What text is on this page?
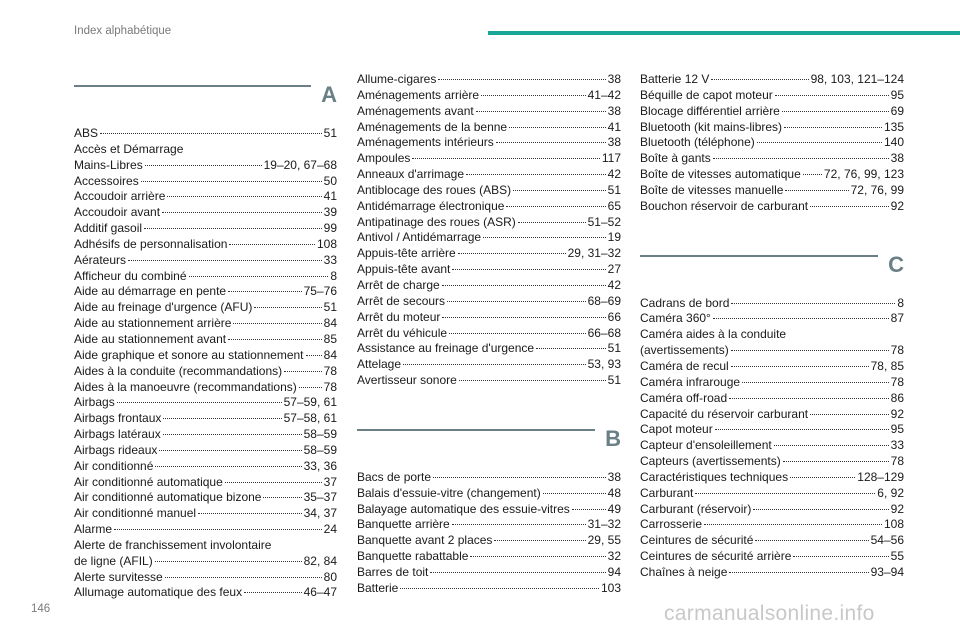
Index alphabétique
A
ABS	51
Accès et Démarrage
Mains-Libres	19–20, 67–68
Accessoires	50
Accoudoir arrière	41
Accoudoir avant	39
Additif gasoil	99
Adhésifs de personnalisation	108
Aérateurs	33
Afficheur du combiné	8
Aide au démarrage en pente	75–76
Aide au freinage d'urgence (AFU)	51
Aide au stationnement arrière	84
Aide au stationnement avant	85
Aide graphique et sonore au stationnement 84
Aides à la conduite (recommandations)	78
Aides à la manoeuvre (recommandations) 78
Airbags	57–59, 61
Airbags frontaux	57–58, 61
Airbags latéraux	58–59
Airbags rideaux	58–59
Air conditionné	33, 36
Air conditionné automatique	37
Air conditionné automatique bizone	35–37
Air conditionné manuel	34, 37
Alarme	24
Alerte de franchissement involontaire
de ligne (AFIL)	82, 84
Alerte survitesse	80
Allumage automatique des feux	46–47
Allume-cigares	38
Aménagements arrière	41–42
Aménagements avant	38
Aménagements de la benne	41
Aménagements intérieurs	38
Ampoules	117
Anneaux d'arrimage	42
Antiblocage des roues (ABS)	51
Antidémarrage électronique	65
Antipatinage des roues (ASR)	51–52
Antivol / Antidémarrage	19
Appuis-tête arrière	29, 31–32
Appuis-tête avant	27
Arrêt de charge	42
Arrêt de secours	68–69
Arrêt du moteur	66
Arrêt du véhicule	66–68
Assistance au freinage d'urgence	51
Attelage	53, 93
Avertisseur sonore	51
B
Bacs de porte	38
Balais d'essuie-vitre (changement)	48
Balayage automatique des essuie-vitres	49
Banquette arrière	31–32
Banquette avant 2 places	29, 55
Banquette rabattable	32
Barres de toit	94
Batterie	103
Batterie 12 V	98, 103, 121–124
Béquille de capot moteur	95
Blocage différentiel arrière	69
Bluetooth (kit mains-libres)	135
Bluetooth (téléphone)	140
Boîte à gants	38
Boîte de vitesses automatique 72, 76, 99, 123
Boîte de vitesses manuelle	72, 76, 99
Bouchon réservoir de carburant	92
C
Cadrans de bord	8
Caméra 360°	87
Caméra aides à la conduite
(avertissements)	78
Caméra de recul	78, 85
Caméra infrarouge	78
Caméra off-road	86
Capacité du réservoir carburant	92
Capot moteur	95
Capteur d'ensoleillement	33
Capteurs (avertissements)	78
Caractéristiques techniques	128–129
Carburant	6, 92
Carburant (réservoir)	92
Carrosserie	108
Ceintures de sécurité	54–56
Ceintures de sécurité arrière	55
Chaînes à neige	93–94
146	carmanualsonline.info
